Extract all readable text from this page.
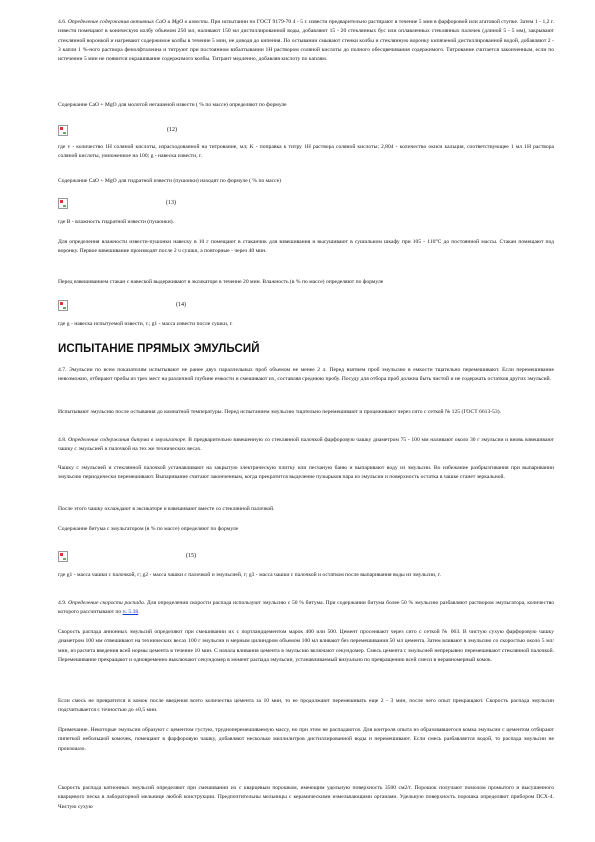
4.6. Определение содержания активных CaO и MgO в извести. При испытании по ГОСТ 9179-70 4 - 5 г. извести предварительно растирают в течение 5 мин в фарфоровой или агатовой ступке. Затем 1 - 1,2 г. извести помещают в коническую колбу объемом 250 мл, наливают 150 мл дистиллированной воды, добавляют 15 - 20 стеклянных бус или оплавленных стеклянных палочек (длиной 5 - 5 мм), закрывают стеклянной воронкой и нагревают содержимое колбы в течение 5 мин, не доводя до кипения. По остывании смывают стенки колбы и стеклянную воронку кипяченой дистиллированной водой, добавляют 2 - 3 капли 1 %-ного раствора фенолфталеина и титруют при постоянном взбалтывании 1Н раствором соляной кислоты до полного обесцвечивания содержимого. Титрование считается законченным, если по истечении 5 мин не появится окрашивание содержимого колбы. Титрант медленно, добавляя кислоту по каплям.

Содержание CaO + MgO для молотой негашеной извести ( % по массе) определяют по формуле

(12)

где v - количество 1Н соляной кислоты, израсходованной на титрование, мл; K - поправка к титру 1Н раствора соляной кислоты; 2,804 - количество окиси кальция, соответствующее 1 мл 1Н раствора соляной кислоты, умноженное на 100; g - навеска извести, г.

Содержание CaO + MgO для гидратной извести (пушонки) находят по формуле ( % по массе)

(13)

где B - влажность гидратной извести (пушонки).

Для определения влажности извести-пушонки навеску в 10 г помещают в стаканчик для взвешивания и высушивают в сушильном шкафу при 105 - 110°С до постоянной массы. Стакан помещают под воронку. Первое взвешивание производят после 2 ч сушки, а повторные - через 40 мин.

Перед взвешиванием стакан с навеской выдерживают в эксикаторе в течение 20 мин. Влажность (в % по массе) определяют по формуле

(14)

где g - навеска испытуемой извести, г.; g1 - масса извести после сушки, г.

ИСПЫТАНИЕ ПРЯМЫХ ЭМУЛЬСИЙ

4.7. Эмульсии по всем показателям испытывают не ранее двух параллельных проб объемом не менее 2 л. Перед взятием проб эмульсию в емкости тщательно перемешивают. Если перемешивание невозможно, отбирают пробы из трех мест на различной глубине емкости и смешивают их, составляя среднюю пробу. Посуду для отбора проб должна быть чистой и не содержать остатков других эмульсий.

Испытывают эмульсию после остывания до комнатной температуры. Перед испытанием эмульсию тщательно перемешивают и процеживают через сито с сеткой № 125 (ГОСТ 6613-53).

4.8. Определение содержания битума в эмульгаторе. В предварительно взвешенную со стеклянной палочкой фарфоровую чашку диаметром 75 - 100 мм наливают около 30 г эмульсии и вновь взвешивают чашку с эмульсией и палочкой на тех же технических весах.

Чашку с эмульсией и стеклянной палочкой устанавливают на закрытую электрическую плитку или песчаную баню и выпаривают воду из эмульсии. Во избежание разбрызгивания при выпаривании эмульсию периодически перемешивают. Выпаривание считают законченным, когда прекратится выделение пузырьков пара из эмульсии и поверхность остатка в чашке станет зеркальной.

После этого чашку охлаждают в эксикаторе и взвешивают вместе со стеклянной палочкой.

Содержание битума с эмульгатором (в % по массе) определяют по формуле

(15)

где g1 - масса чашки с палочкой, г; g2 - масса чашки с палочкой и эмульсией, г; g3 - масса чашки с палочкой и остатком после выпаривания воды из эмульсии, г.

4.9. Определение скорости распада. Для определения скорости распада используют эмульсию с 50 % битума. При содержании битума более 50 % эмульсию разбавляют раствором эмульгатора, количество которого рассчитывают по п. 5.38.

Скорость распада анионных эмульсий определяют при смешивании их с портландцементом марок 400 или 500. Цемент просеивают через сито с сеткой № 063. В чистую сухую фарфоровую чашку диаметром 100 мм отвешивают на технических весах 100 г эмульсии и мерным цилиндром объемом 100 мл вливают без перемешивания 50 мл цемента. Затем вливают в эмульсию со скоростью около 5 мл/мин, из расчета введения всей нормы цемента в течение 10 мин. С начала вливания цемента в эмульсию включают секундомер. Смесь цемента с эмульсией непрерывно перемешивают стеклянной палочкой. Перемешивание прекращают и одновременно выключают секундомер в момент распада эмульсии, устанавливаемый визуально по превращению всей смеси в неравномерный комок.

Если смесь не превратится в комок после введения всего количества цемента за 10 мин, то ее продолжают перемешивать еще 2 - 3 мин, после чего опыт прекращают. Скорость распада эмульсии подсчитывается с точностью до ±0,5 мин.

Примечание. Некоторые эмульсии образуют с цементом густую, трудноперемешиваемую массу, но при этом не распадаются. Для контроля опыта из образовавшегося комка эмульсии с цементом отбирают пипеткой небольшой комочек, помещают в фарфоровую чашку, добавляют несколько миллилитров дистиллированной воды и перемешивают. Если смесь разбавляется водой, то распада эмульсии не произошло.

Скорость распада катионных эмульсий определяют при смешивании их с кварцевым порошком, имеющим удельную поверхность 3500 см2/г. Порошок получают помолом промытого и высушенного кварцевого песка в лабораторной мельнице любой конструкции. Предпочтительны мельницы с керамическими измельчающими органами. Удельную поверхность порошка определяют прибором ПСХ-4. Чистую сухую
